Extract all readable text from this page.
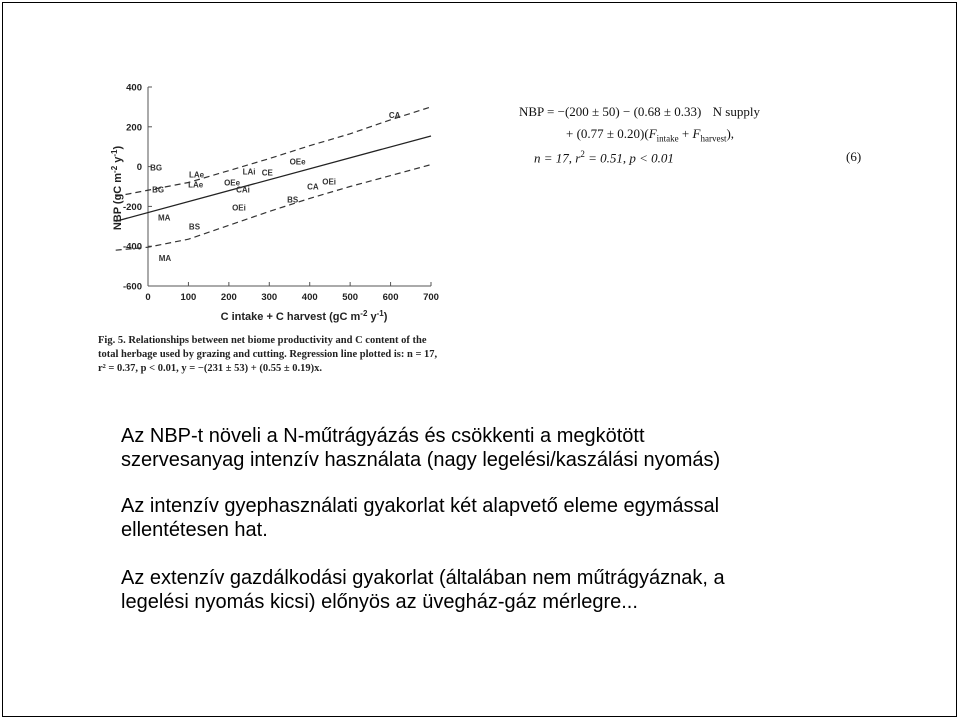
400
200
0
-200
-400
-600
0	100	200	300	400	500	600	700
BG
LAe
LAe
LAi CE
OEe
OEe
CAi
OEi
CA
BG
BS
OEi
MA
BS
MA
CA
NBP (gC $m^{-2}$ $y^{-1}$)
C intake + C harvest (gC $m^{-2}$ $y^{-1}$)
NBP = −(200 ± 50) − (0.68 ± 0.33) N supply
+ $(0.77 \pm 0.20)(F_{intake} + F_{harvest})$,
n = 17, $r^2 = 0.51$, p < 0.01	(6)
Fig. 5. Relationships between net biome productivity and C content of the
total herbage used by grazing and cutting. Regression line plotted is: n = 17,
r² = 0.37, p < 0.01, y = −(231 ± 53) + (0.55 ± 0.19)x.

Az NBP-t növeli a N-műtrágyázás és csökkenti a megkötött

szervesanyag intenzív használata (nagy legelési/kaszálási nyomás)

Az intenzív gyephasználati gyakorlat két alapvető eleme egymással

ellentétesen hat.

Az extenzív gazdálkodási gyakorlat (általában nem műtrágyáznak, a

legelési nyomás kicsi) előnyös az üvegház-gáz mérlegre...
